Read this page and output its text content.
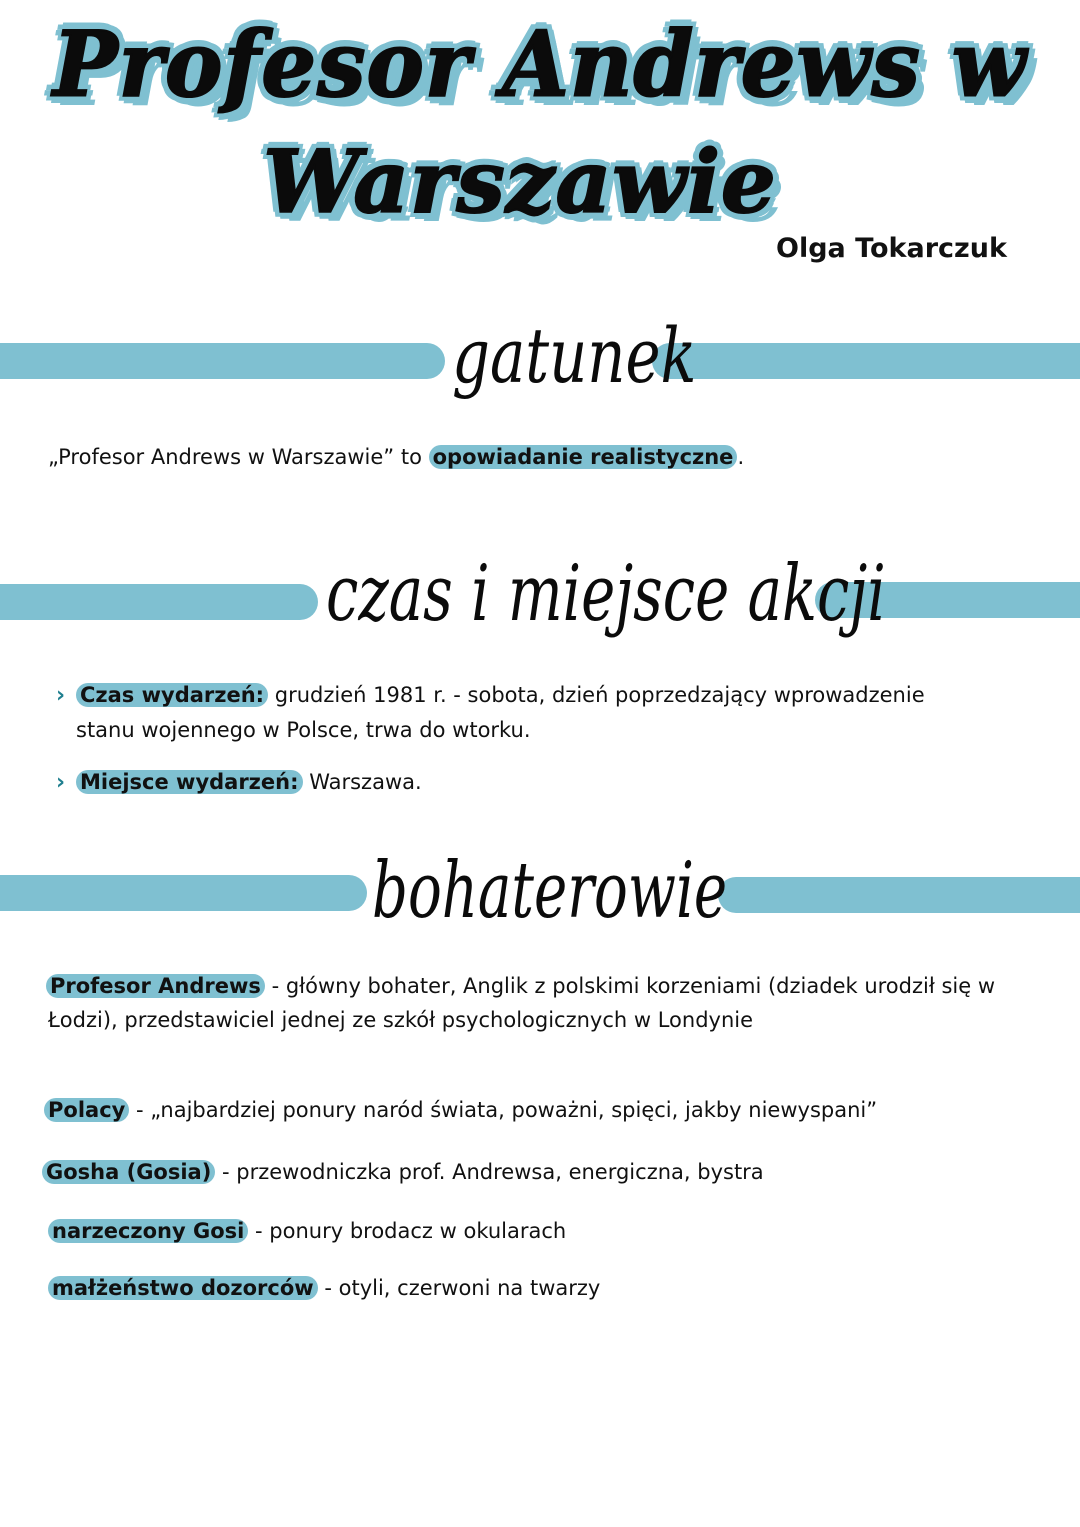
Profesor Andrews w
Warszawie
Olga Tokarczuk
gatunek
„Profesor Andrews w Warszawie” to opowiadanie realistyczne .
czas i miejsce akcji
› Czas wydarzeń: grudzień 1981 r. - sobota, dzień poprzedzający wprowadzenie
stanu wojennego w Polsce, trwa do wtorku.
› Miejsce wydarzeń: Warszawa.
bohaterowie
Profesor Andrews - główny bohater, Anglik z polskimi korzeniami (dziadek urodził się w
Łodzi), przedstawiciel jednej ze szkół psychologicznych w Londynie
Polacy - „najbardziej ponury naród świata, poważni, spięci, jakby niewyspani”
Gosha (Gosia) - przewodniczka prof. Andrewsa, energiczna, bystra
narzeczony Gosi - ponury brodacz w okularach
małżeństwo dozorców - otyli, czerwoni na twarzy
